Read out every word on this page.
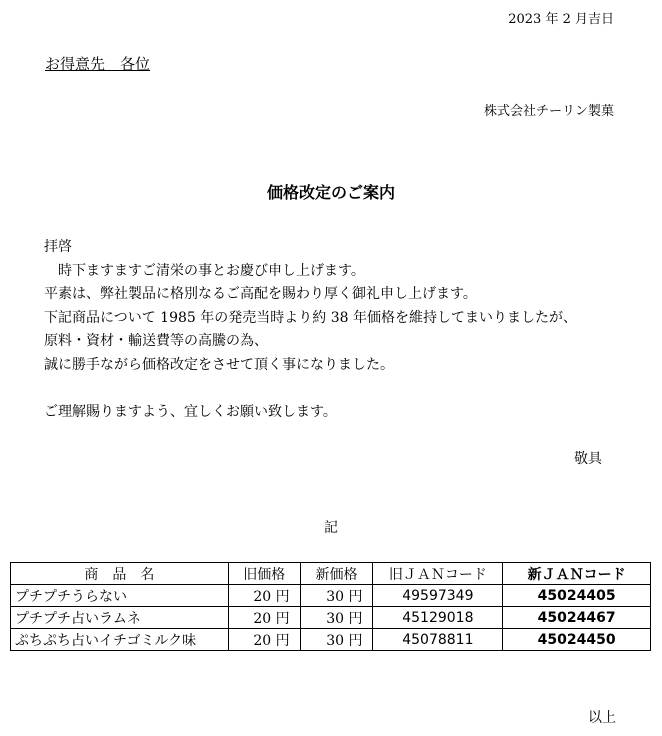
2023 年 2 月吉日
お得意先　各位
株式会社チーリン製菓
価格改定のご案内
拝啓
時下ますますご清栄の事とお慶び申し上げます。
平素は、弊社製品に格別なるご高配を賜わり厚く御礼申し上げます。
下記商品について 1985 年の発売当時より約 38 年価格を維持してまいりましたが、
原料・資材・輸送費等の高騰の為、
誠に勝手ながら価格改定をさせて頂く事になりました。
ご理解賜りますよう、宜しくお願い致します。
敬具
記
商　品　名	旧価格	新価格	旧ＪＡＮコード	新ＪＡＮコード
プチプチうらない	20 円	30 円	49597349	45024405
プチプチ占いラムネ	20 円	30 円	45129018	45024467
ぷちぷち占いイチゴミルク味	20 円	30 円	45078811	45024450
以上
